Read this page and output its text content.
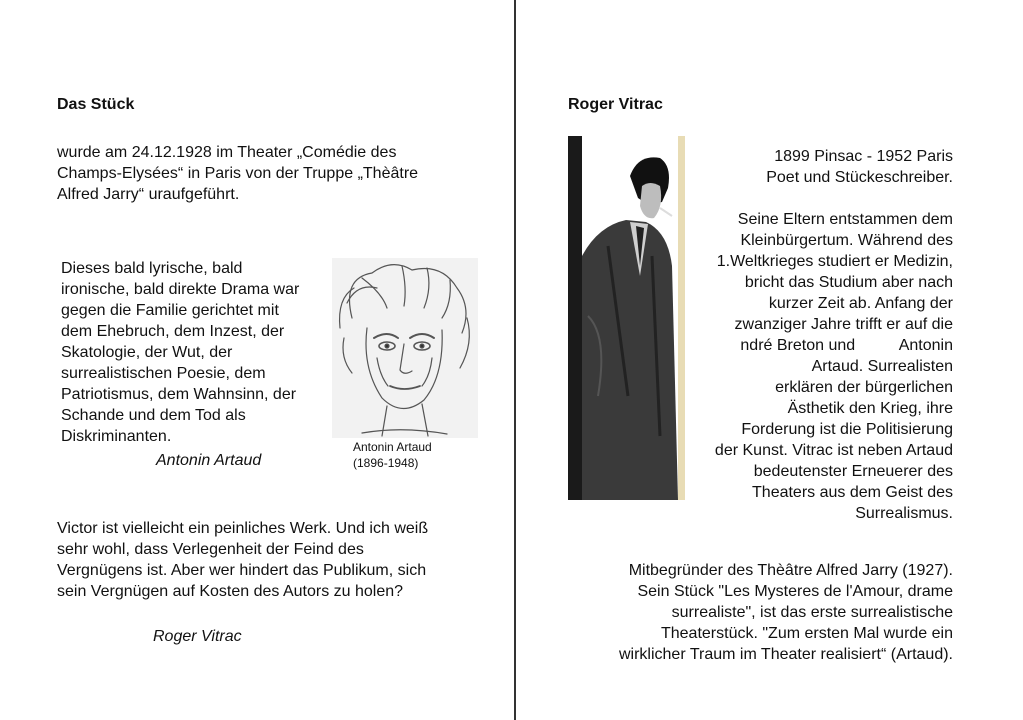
Das Stück

wurde am 24.12.1928 im Theater „Comédie des
Champs-Elysées“ in Paris von der Truppe „Thèâtre
Alfred Jarry“ uraufgeführt.

Dieses bald lyrische, bald
ironische, bald direkte Drama war
gegen die Familie gerichtet mit
dem Ehebruch, dem Inzest, der
Skatologie, der Wut, der
surrealistischen Poesie, dem
Patriotismus, dem Wahnsinn, der
Schande und dem Tod als
Diskriminanten.

Antonin Artaud

Antonin Artaud
(1896-1948)

Victor ist vielleicht ein peinliches Werk. Und ich weiß
sehr wohl, dass Verlegenheit der Feind des
Vergnügens ist. Aber wer hindert das Publikum, sich
sein Vergnügen auf Kosten des Autors zu holen?

Roger Vitrac

Roger Vitrac

1899 Pinsac - 1952 Paris
Poet und Stückeschreiber.

Seine Eltern entstammen dem
Kleinbürgertum. Während des
1.Weltkrieges studiert er Medizin,
bricht das Studium aber nach
kurzer Zeit ab. Anfang der
zwanziger Jahre trifft er auf die
ndré Breton und          Antonin
Artaud. Surrealisten
erklären der bürgerlichen
Ästhetik den Krieg, ihre
Forderung ist die Politisierung
der Kunst. Vitrac ist neben Artaud
bedeutenster Erneuerer des
Theaters aus dem Geist des
Surrealismus.

Mitbegründer des Thèâtre Alfred Jarry (1927).
Sein Stück "Les Mysteres de l'Amour, drame
surrealiste", ist das erste surrealistische
Theaterstück. "Zum ersten Mal wurde ein
wirklicher Traum im Theater realisiert“ (Artaud).
